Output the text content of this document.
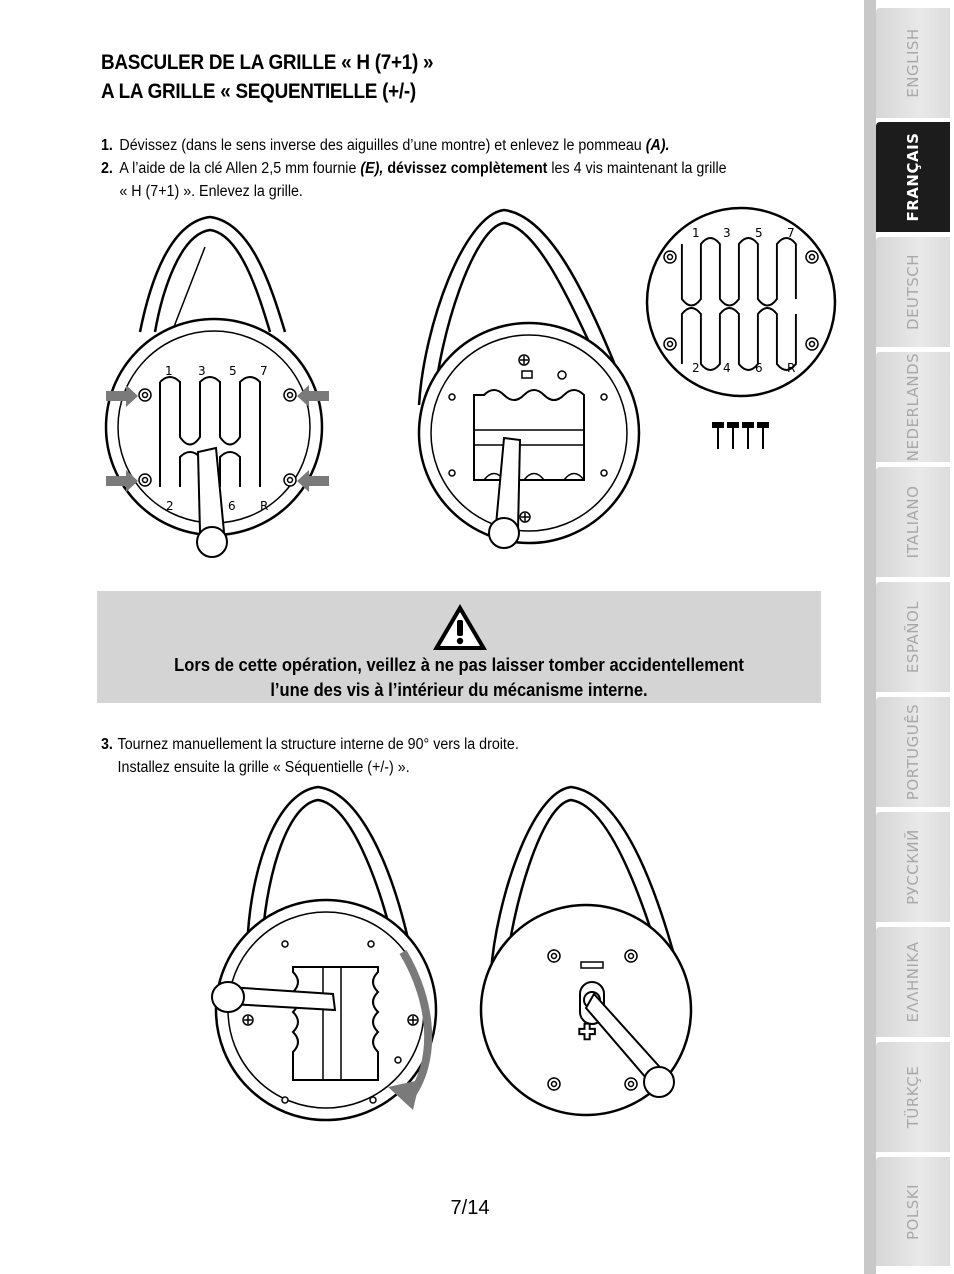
BASCULER DE LA GRILLE « H (7+1) »
A LA GRILLE « SEQUENTIELLE (+/-)
1. Dévissez (dans le sens inverse des aiguilles d’une montre) et enlevez le pommeau (A).
2. A l’aide de la clé Allen 2,5 mm fournie (E), dévissez complètement les 4 vis maintenant la grille
« H (7+1) ». Enlevez la grille.
1 3 5 7
2	6 R
1 3 5 7
2 4 6 R
Lors de cette opération, veillez à ne pas laisser tomber accidentellement
l’une des vis à l’intérieur du mécanisme interne.
3. Tournez manuellement la structure interne de 90° vers la droite.
Installez ensuite la grille « Séquentielle (+/-) ».
7/14
ENGLISH
FRANÇAIS
DEUTSCH
NEDERLANDS
ITALIANO
ESPAÑOL
PORTUGUÊS
РУССКИЙ
ΕΛΛΗΝΙΚΑ
TÜRKÇE
POLSKI
